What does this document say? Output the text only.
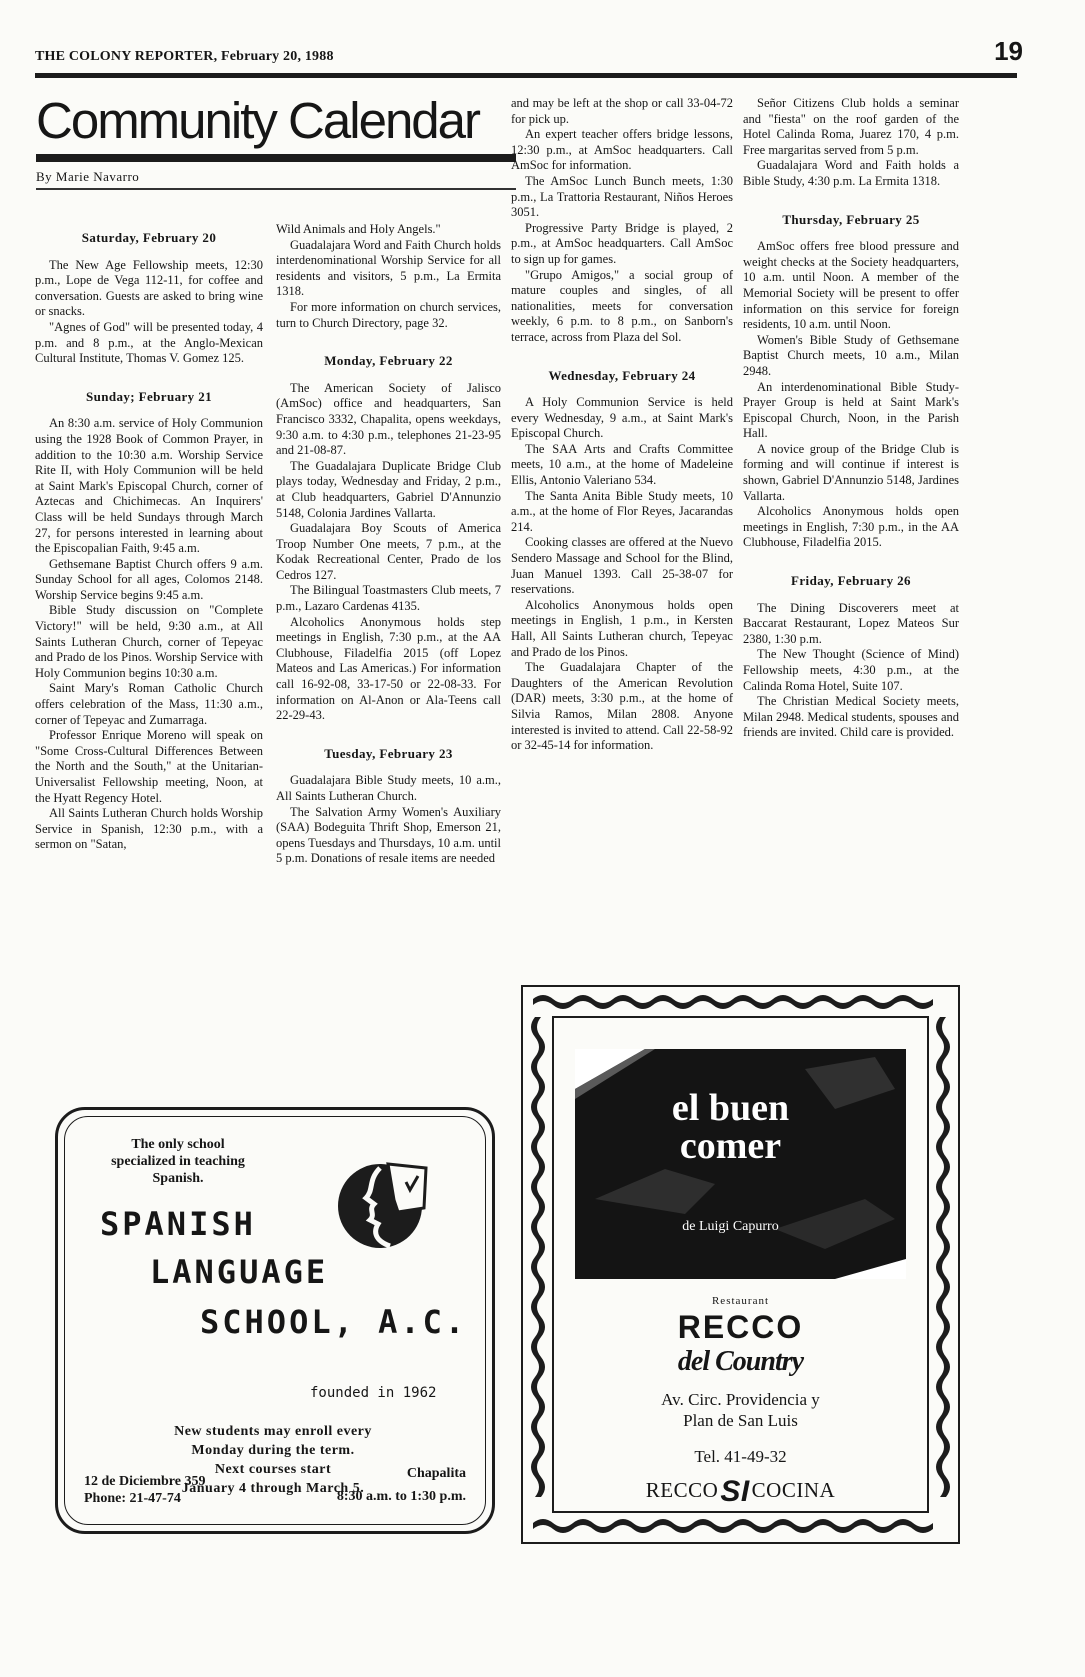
THE COLONY REPORTER, February 20, 1988	19
Community Calendar
By Marie Navarro
Saturday, February 20

The New Age Fellowship meets, 12:30 p.m., Lope de Vega 112-11, for coffee and conversation. Guests are asked to bring wine or snacks.

"Agnes of God" will be presented today, 4 p.m. and 8 p.m., at the Anglo-Mexican Cultural Institute, Thomas V. Gomez 125.

Sunday; February 21

An 8:30 a.m. service of Holy Communion using the 1928 Book of Common Prayer, in addition to the 10:30 a.m. Worship Service Rite II, with Holy Communion will be held at Saint Mark's Episcopal Church, corner of Aztecas and Chichimecas. An Inquirers' Class will be held Sundays through March 27, for persons interested in learning about the Episcopalian Faith, 9:45 a.m.

Gethsemane Baptist Church offers 9 a.m. Sunday School for all ages, Colomos 2148. Worship Service begins 9:45 a.m.

Bible Study discussion on "Complete Victory!" will be held, 9:30 a.m., at All Saints Lutheran Church, corner of Tepeyac and Prado de los Pinos. Worship Service with Holy Communion begins 10:30 a.m.

Saint Mary's Roman Catholic Church offers celebration of the Mass, 11:30 a.m., corner of Tepeyac and Zumarraga.

Professor Enrique Moreno will speak on "Some Cross-Cultural Differences Between the North and the South," at the Unitarian-Universalist Fellowship meeting, Noon, at the Hyatt Regency Hotel.

All Saints Lutheran Church holds Worship Service in Spanish, 12:30 p.m., with a sermon on "Satan,

Wild Animals and Holy Angels."

Guadalajara Word and Faith Church holds interdenominational Worship Service for all residents and visitors, 5 p.m., La Ermita 1318.

For more information on church services, turn to Church Directory, page 32.

Monday, February 22

The American Society of Jalisco (AmSoc) office and headquarters, San Francisco 3332, Chapalita, opens weekdays, 9:30 a.m. to 4:30 p.m., telephones 21-23-95 and 21-08-87.

The Guadalajara Duplicate Bridge Club plays today, Wednesday and Friday, 2 p.m., at Club headquarters, Gabriel D'Annunzio 5148, Colonia Jardines Vallarta.

Guadalajara Boy Scouts of America Troop Number One meets, 7 p.m., at the Kodak Recreational Center, Prado de los Cedros 127.

The Bilingual Toastmasters Club meets, 7 p.m., Lazaro Cardenas 4135.

Alcoholics Anonymous holds step meetings in English, 7:30 p.m., at the AA Clubhouse, Filadelfia 2015 (off Lopez Mateos and Las Americas.) For information call 16-92-08, 33-17-50 or 22-08-33. For information on Al-Anon or Ala-Teens call 22-29-43.

Tuesday, February 23

Guadalajara Bible Study meets, 10 a.m., All Saints Lutheran Church.

The Salvation Army Women's Auxiliary (SAA) Bodeguita Thrift Shop, Emerson 21, opens Tuesdays and Thursdays, 10 a.m. until 5 p.m. Donations of resale items are needed

and may be left at the shop or call 33-04-72 for pick up.

An expert teacher offers bridge lessons, 12:30 p.m., at AmSoc headquarters. Call AmSoc for information.

The AmSoc Lunch Bunch meets, 1:30 p.m., La Trattoria Restaurant, Niños Heroes 3051.

Progressive Party Bridge is played, 2 p.m., at AmSoc headquarters. Call AmSoc to sign up for games.

"Grupo Amigos," a social group of mature couples and singles, of all nationalities, meets for conversation weekly, 6 p.m. to 8 p.m., on Sanborn's terrace, across from Plaza del Sol.

Wednesday, February 24

A Holy Communion Service is held every Wednesday, 9 a.m., at Saint Mark's Episcopal Church.

The SAA Arts and Crafts Committee meets, 10 a.m., at the home of Madeleine Ellis, Antonio Valeriano 534.

The Santa Anita Bible Study meets, 10 a.m., at the home of Flor Reyes, Jacarandas 214.

Cooking classes are offered at the Nuevo Sendero Massage and School for the Blind, Juan Manuel 1393. Call 25-38-07 for reservations.

Alcoholics Anonymous holds open meetings in English, 1 p.m., in Kersten Hall, All Saints Lutheran church, Tepeyac and Prado de los Pinos.

The Guadalajara Chapter of the Daughters of the American Revolution (DAR) meets, 3:30 p.m., at the home of Silvia Ramos, Milan 2808. Anyone interested is invited to attend. Call 22-58-92 or 32-45-14 for information.

Señor Citizens Club holds a seminar and "fiesta" on the roof garden of the Hotel Calinda Roma, Juarez 170, 4 p.m. Free margaritas served from 5 p.m.

Guadalajara Word and Faith holds a Bible Study, 4:30 p.m. La Ermita 1318.

Thursday, February 25

AmSoc offers free blood pressure and weight checks at the Society headquarters, 10 a.m. until Noon. A member of the Memorial Society will be present to offer information on this service for foreign residents, 10 a.m. until Noon.

Women's Bible Study of Gethsemane Baptist Church meets, 10 a.m., Milan 2948.

An interdenominational Bible Study-Prayer Group is held at Saint Mark's Episcopal Church, Noon, in the Parish Hall.

A novice group of the Bridge Club is forming and will continue if interest is shown, Gabriel D'Annunzio 5148, Jardines Vallarta.

Alcoholics Anonymous holds open meetings in English, 7:30 p.m., in the AA Clubhouse, Filadelfia 2015.

Friday, February 26

The Dining Discoverers meet at Baccarat Restaurant, Lopez Mateos Sur 2380, 1:30 p.m.

The New Thought (Science of Mind) Fellowship meets, 4:30 p.m., at the Calinda Roma Hotel, Suite 107.

The Christian Medical Society meets, Milan 2948. Medical students, spouses and friends are invited. Child care is provided.

The only school specialized in teaching Spanish.
SPANISH
LANGUAGE
SCHOOL, A.C.
founded in 1962
New students may enroll every
Monday during the term.
Next courses start
January 4 through March 5.
12 de Diciembre 359
Phone: 21-47-74
Chapalita
8:30 a.m. to 1:30 p.m.
el buen
comer
de Luigi Capurro
Restaurant
RECCO
del Country
Av. Circ. Providencia y
Plan de San Luis
Tel. 41-49-32
RECCOSICOCINA
